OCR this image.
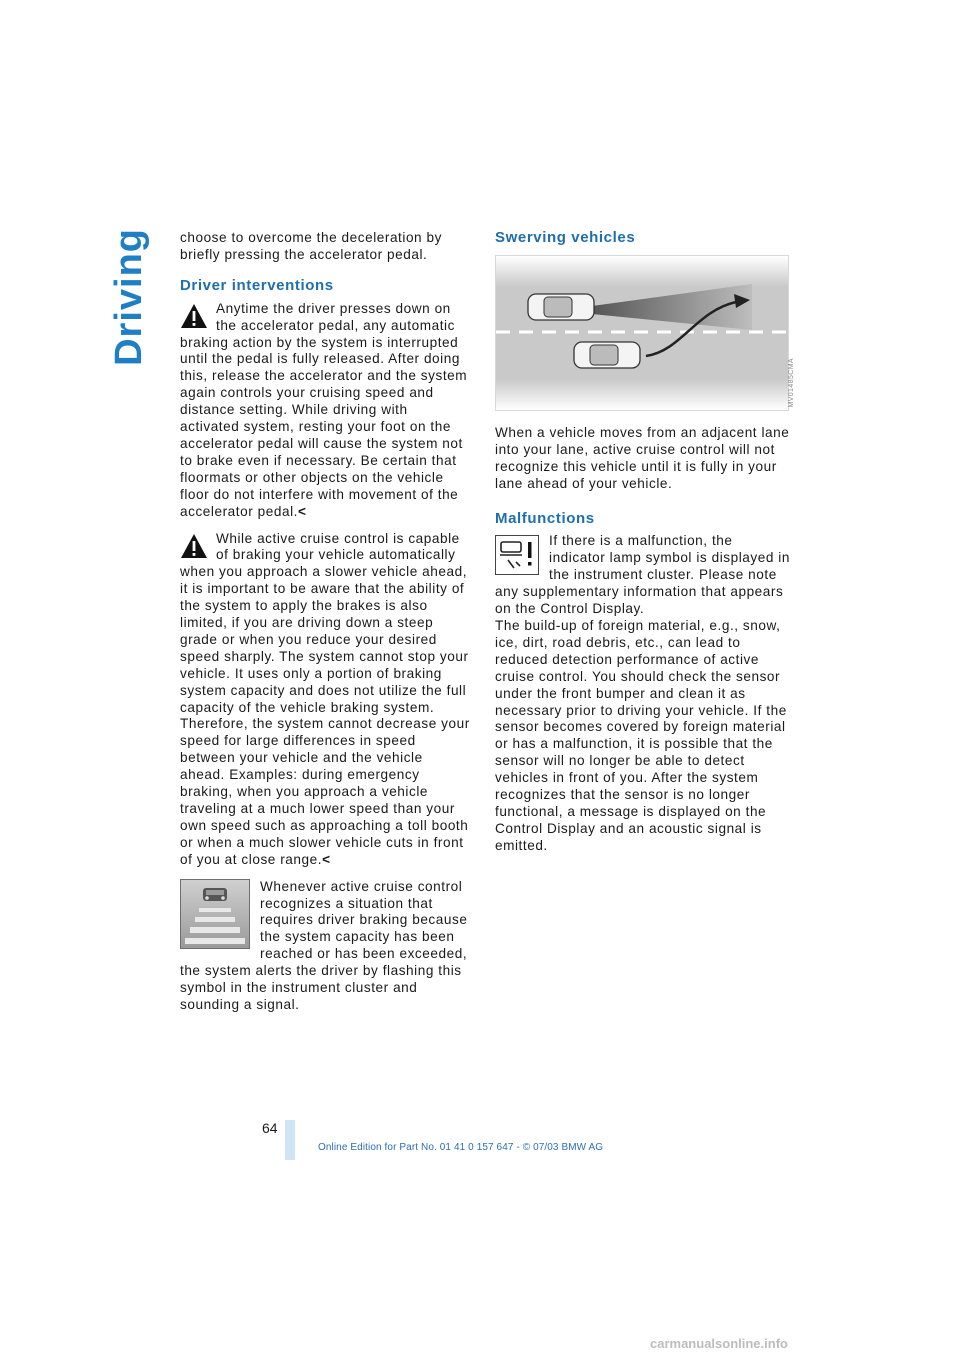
Driving choose to overcome the deceleration by briefly pressing the accelerator pedal.

Driver interventions

Anytime the driver presses down on the accelerator pedal, any automatic braking action by the system is interrupted until the pedal is fully released. After doing this, release the accelerator and the system again controls your cruising speed and distance setting. While driving with activated system, resting your foot on the accelerator pedal will cause the system not to brake even if necessary. Be certain that floormats or other objects on the vehicle floor do not interfere with movement of the accelerator pedal.<

While active cruise control is capable of braking your vehicle automatically when you approach a slower vehicle ahead, it is important to be aware that the ability of the system to apply the brakes is also limited, if you are driving down a steep grade or when you reduce your desired speed sharply. The system cannot stop your vehicle. It uses only a portion of braking system capacity and does not utilize the full capacity of the vehicle braking system. Therefore, the system cannot decrease your speed for large differences in speed between your vehicle and the vehicle ahead. Examples: during emergency braking, when you approach a vehicle traveling at a much lower speed than your own speed such as approaching a toll booth or when a much slower vehicle cuts in front of you at close range.<

Whenever active cruise control recognizes a situation that requires driver braking because the system capacity has been reached or has been exceeded, the system alerts the driver by flashing this symbol in the instrument cluster and sounding a signal.

Swerving vehicles

When a vehicle moves from an adjacent lane into your lane, active cruise control will not recognize this vehicle until it is fully in your lane ahead of your vehicle.

Malfunctions

If there is a malfunction, the indicator lamp symbol is displayed in the instrument cluster. Please note any supplementary information that appears on the Control Display.

The build-up of foreign material, e.g., snow, ice, dirt, road debris, etc., can lead to reduced detection performance of active cruise control. You should check the sensor under the front bumper and clean it as necessary prior to driving your vehicle. If the sensor becomes covered by foreign material or has a malfunction, it is possible that the sensor will no longer be able to detect vehicles in front of you. After the system recognizes that the sensor is no longer functional, a message is displayed on the Control Display and an acoustic signal is emitted.

MV01485CMA
64
Online Edition for Part No. 01 41 0 157 647 - © 07/03 BMW AG
carmanualsonline.info
